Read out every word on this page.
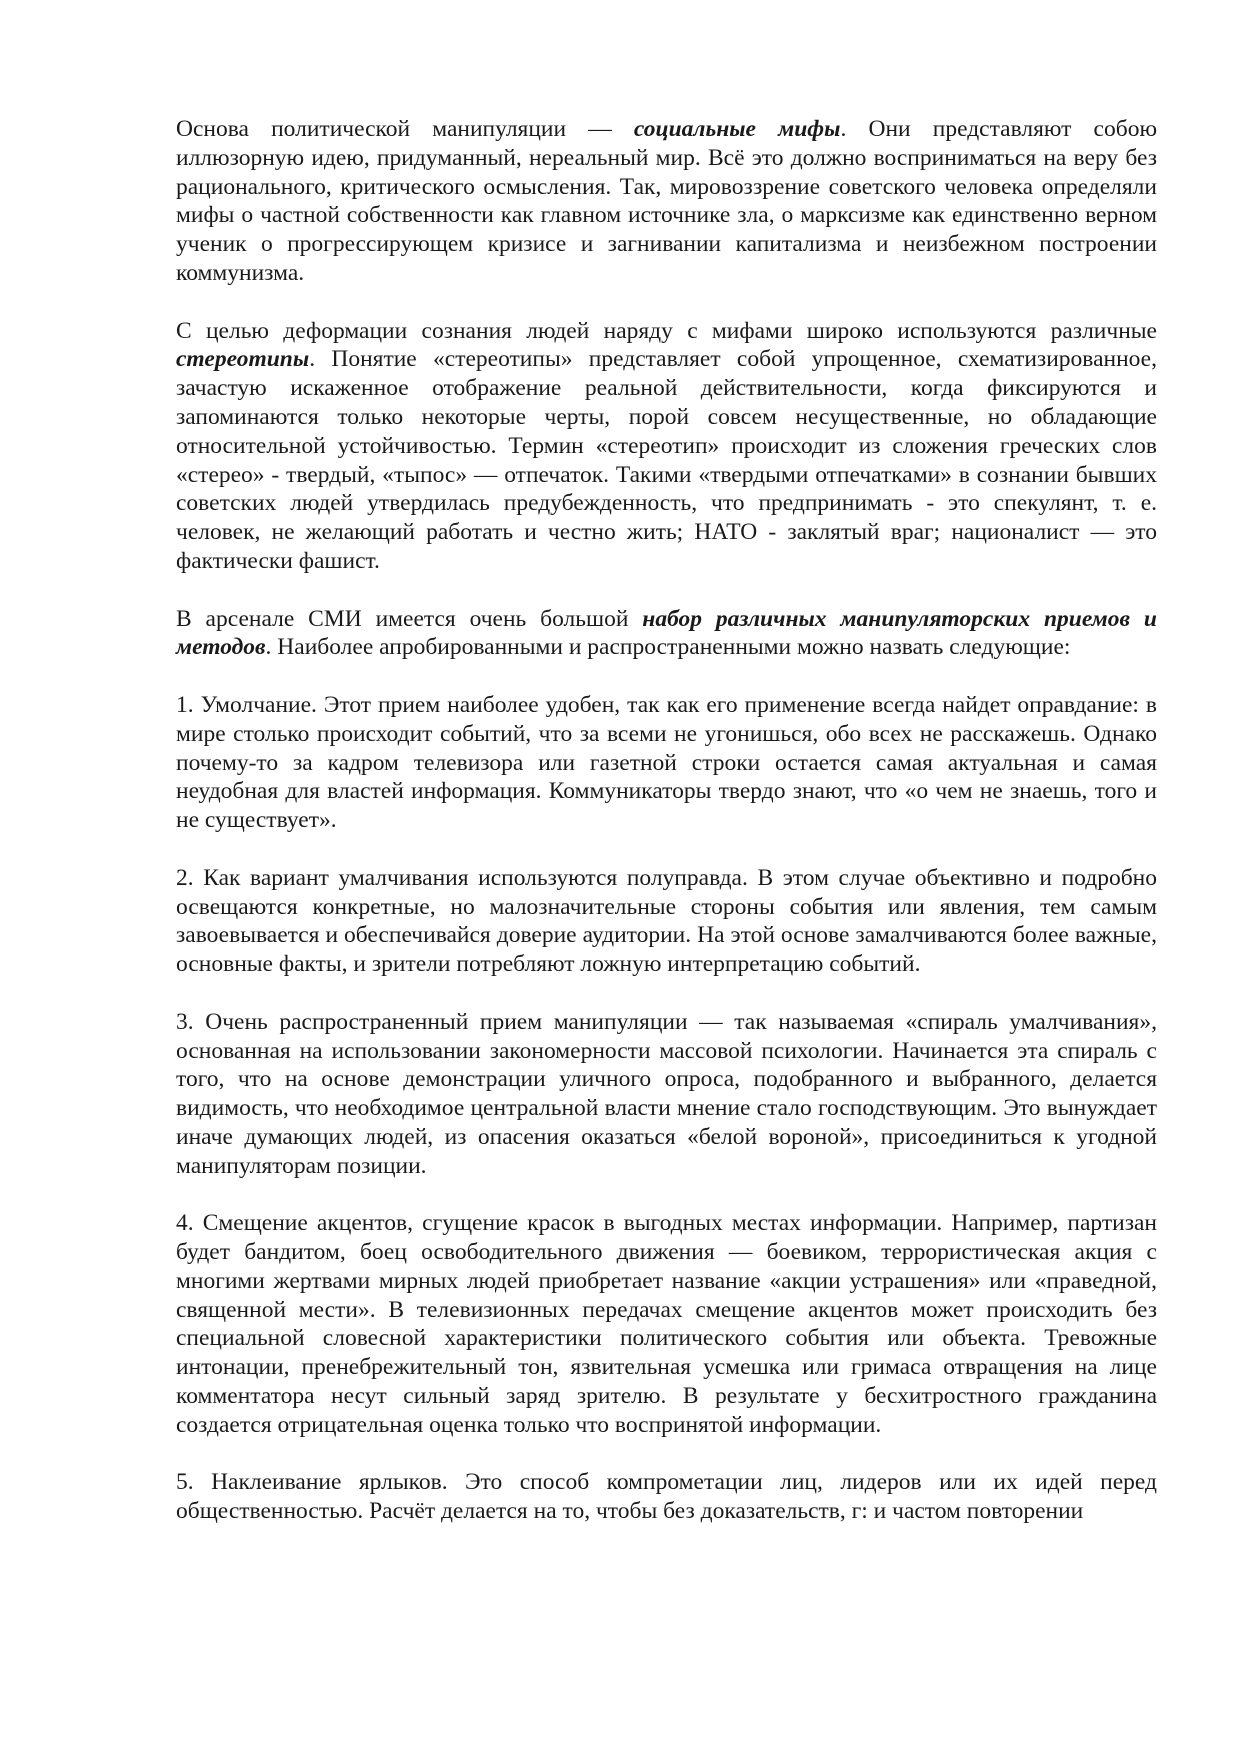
Основа политической манипуляции — социальные мифы. Они представляют собою иллюзорную идею, придуманный, нереальный мир. Всё это должно восприниматься на веру без рационального, критического осмысления. Так, мировоззрение советского человека определяли мифы о частной собственности как главном источнике зла, о марксизме как единственно верном ученик о прогрессирующем кризисе и загнивании капитализма и неизбежном построении коммунизма.

С целью деформации сознания людей наряду с мифами широко используются различные стереотипы. Понятие «стереотипы» представляет собой упрощенное, схематизированное, зачастую искаженное отображение реальной действительности, когда фиксируются и запоминаются только некоторые черты, порой совсем несущественные, но обладающие относительной устойчивостью. Термин «стереотип» происходит из сложения греческих слов «стерео» - твердый, «тыпос» — отпечаток. Такими «твердыми отпечатками» в сознании бывших советских людей утвердилась предубежденность, что предпринимать - это спекулянт, т. е. человек, не желающий работать и честно жить; НАТО - заклятый враг; националист — это фактически фашист.

В арсенале СМИ имеется очень большой набор различных манипуляторских приемов и методов. Наиболее апробированными и распространенными можно назвать следующие:

1. Умолчание. Этот прием наиболее удобен, так как его применение всегда найдет оправдание: в мире столько происходит событий, что за всеми не угонишься, обо всех не расскажешь. Однако почему-то за кадром телевизора или газетной строки остается самая актуальная и самая неудобная для властей информация. Коммуникаторы твердо знают, что «о чем не знаешь, того и не существует».

2. Как вариант умалчивания используются полуправда. В этом случае объективно и подробно освещаются конкретные, но малозначительные стороны события или явления, тем самым завоевывается и обеспечивайся доверие аудитории. На этой основе замалчиваются более важные, основные факты, и зрители потребляют ложную интерпретацию событий.

3. Очень распространенный прием манипуляции — так называемая «спираль умалчивания», основанная на использовании закономерности массовой психологии. Начинается эта спираль с того, что на основе демонстрации уличного опроса, подобранного и выбранного, делается видимость, что необходимое центральной власти мнение стало господствующим. Это вынуждает иначе думающих людей, из опасения оказаться «белой вороной», присоединиться к угодной манипуляторам позиции.

4. Смещение акцентов, сгущение красок в выгодных местах информации. Например, партизан будет бандитом, боец освободительного движения — боевиком, террористическая акция с многими жертвами мирных людей приобретает название «акции устрашения» или «праведной, священной мести». В телевизионных передачах смещение акцентов может происходить без специальной словесной характеристики политического события или объекта. Тревожные интонации, пренебрежительный тон, язвительная усмешка или гримаса отвращения на лице комментатора несут сильный заряд зрителю. В результате у бесхитростного гражданина создается отрицательная оценка только что воспринятой информации.

5. Наклеивание ярлыков. Это способ компрометации лиц, лидеров или их идей перед общественностью. Расчёт делается на то, чтобы без доказательств, г: и частом повторении
